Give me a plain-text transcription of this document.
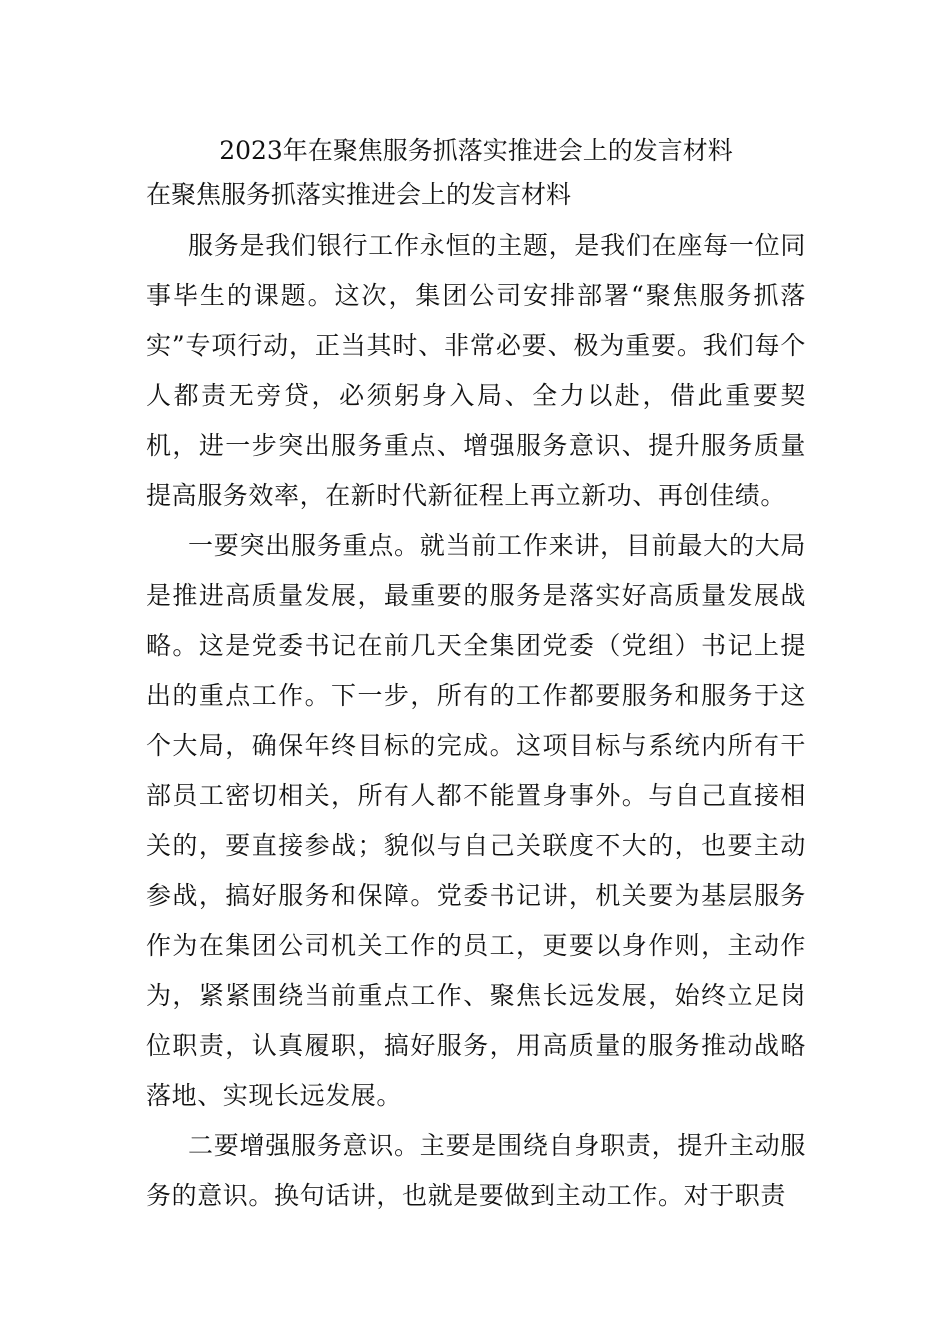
2023年在聚焦服务抓落实推进会上的发言材料
在聚焦服务抓落实推进会上的发言材料

服务是我们银行工作永恒的主题，是我们在座每一位同事毕生的课题。这次，集团公司安排部署“聚焦服务抓落实”专项行动，正当其时、非常必要、极为重要。我们每个人都责无旁贷，必须躬身入局、全力以赴，借此重要契机，进一步突出服务重点、增强服务意识、提升服务质量提高服务效率，在新时代新征程上再立新功、再创佳绩。

一要突出服务重点。就当前工作来讲，目前最大的大局是推进高质量发展，最重要的服务是落实好高质量发展战略。这是党委书记在前几天全集团党委（党组）书记上提出的重点工作。下一步，所有的工作都要服务和服务于这个大局，确保年终目标的完成。这项目标与系统内所有干部员工密切相关，所有人都不能置身事外。与自己直接相关的，要直接参战；貌似与自己关联度不大的，也要主动参战，搞好服务和保障。党委书记讲，机关要为基层服务作为在集团公司机关工作的员工，更要以身作则，主动作为，紧紧围绕当前重点工作、聚焦长远发展，始终立足岗位职责，认真履职，搞好服务，用高质量的服务推动战略落地、实现长远发展。

二要增强服务意识。主要是围绕自身职责，提升主动服务的意识。换句话讲，也就是要做到主动工作。对于职责
